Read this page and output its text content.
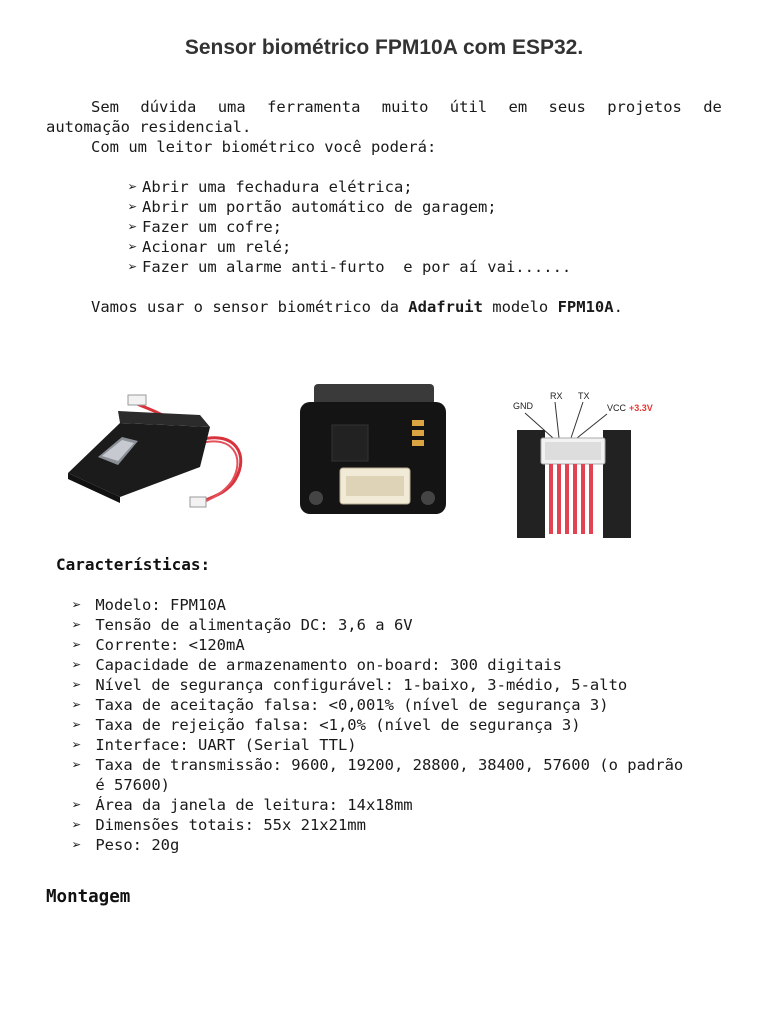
Sensor biométrico FPM10A com ESP32.
Sem dúvida uma ferramenta muito útil em seus projetos de
automação residencial.
Com um leitor biométrico você poderá:
➢ Abrir uma fechadura elétrica;
➢ Abrir um portão automático de garagem;
➢ Fazer um cofre;
➢ Acionar um relé;
➢ Fazer um alarme anti-furto  e por aí vai......
Vamos usar o sensor biométrico da Adafruit modelo FPM10A.
GND
RX TX
VCC +3.3V
Características:
➢ Modelo: FPM10A
➢ Tensão de alimentação DC: 3,6 a 6V
➢ Corrente: <120mA
➢ Capacidade de armazenamento on-board: 300 digitais
➢ Nível de segurança configurável: 1-baixo, 3-médio, 5-alto
➢ Taxa de aceitação falsa: <0,001% (nível de segurança 3)
➢ Taxa de rejeição falsa: <1,0% (nível de segurança 3)
➢ Interface: UART (Serial TTL)
➢ Taxa de transmissão: 9600, 19200, 28800, 38400, 57600 (o padrão
é 57600)
➢ Área da janela de leitura: 14x18mm
➢ Dimensões totais: 55x 21x21mm
➢ Peso: 20g
Montagem
